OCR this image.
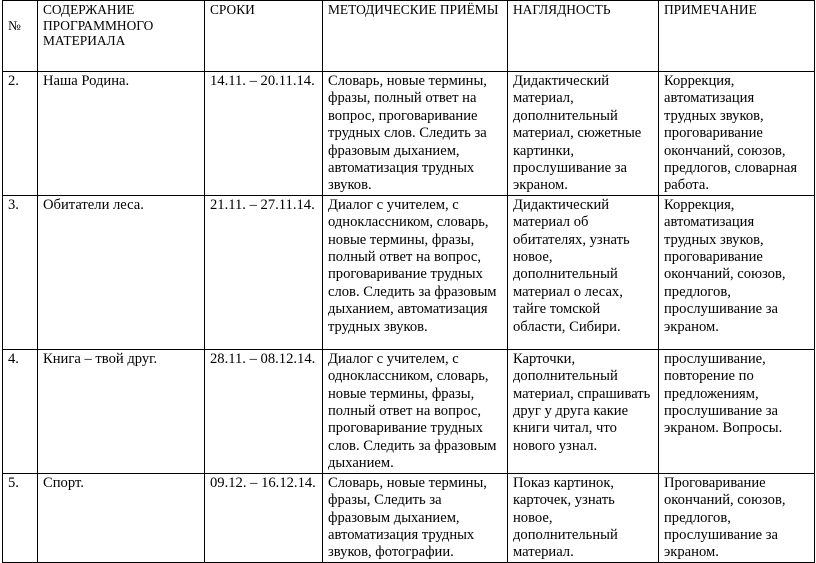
№	СОДЕРЖАНИЕ ПРОГРАММНОГО МАТЕРИАЛА	СРОКИ	МЕТОДИЧЕСКИЕ ПРИЁМЫ	НАГЛЯДНОСТЬ	ПРИМЕЧАНИЕ
2.	Наша Родина.	14.11. – 20.11.14.	Словарь, новые термины, фразы, полный ответ на вопрос, проговаривание трудных слов. Следить за фразовым дыханием, автоматизация трудных звуков.	Дидактический материал, дополнительный материал, сюжетные картинки, прослушивание за экраном.	Коррекция, автоматизация трудных звуков, проговаривание окончаний, союзов, предлогов, словарная работа.
3.	Обитатели леса.	21.11. – 27.11.14.	Диалог с учителем, с одноклассником, словарь, новые термины, фразы, полный ответ на вопрос, проговаривание трудных слов. Следить за фразовым дыханием, автоматизация трудных звуков.	Дидактический материал об обитателях, узнать новое, дополнительный материал о лесах, тайге томской области, Сибири.	Коррекция, автоматизация трудных звуков, проговаривание окончаний, союзов, предлогов, прослушивание за экраном.
4.	Книга – твой друг.	28.11. – 08.12.14.	Диалог с учителем, с одноклассником, словарь, новые термины, фразы, полный ответ на вопрос, проговаривание трудных слов. Следить за фразовым дыханием.	Карточки, дополнительный материал, спрашивать друг у друга какие книги читал, что нового узнал.	прослушивание, повторение по предложениям, прослушивание за экраном. Вопросы.
5.	Спорт.	09.12. – 16.12.14.	Словарь, новые термины, фразы, Следить за фразовым дыханием, автоматизация трудных звуков, фотографии.	Показ картинок, карточек, узнать новое, дополнительный материал.	Проговаривание окончаний, союзов, предлогов, прослушивание за экраном.
